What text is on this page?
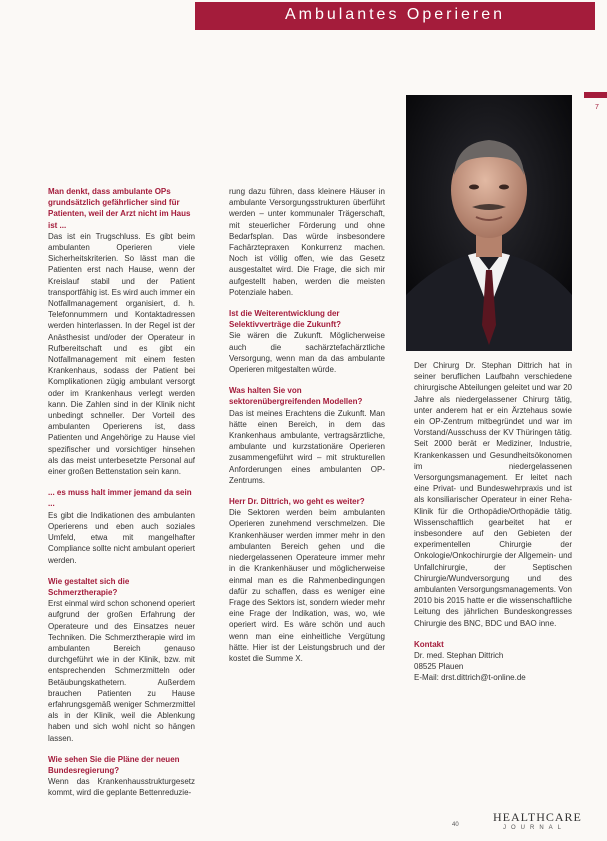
Ambulantes Operieren
7

Man denkt, dass ambulante OPs grundsätzlich gefährlicher sind für Patienten, weil der Arzt nicht im Haus ist ...

Das ist ein Trugschluss. Es gibt beim ambulanten Operieren viele Sicherheitskriterien. So lässt man die Patienten erst nach Hause, wenn der Kreislauf stabil und der Patient transportfähig ist. Es wird auch immer ein Notfallmanagement organisiert, d. h. Telefonnummern und Kontaktadressen werden hinterlassen. In der Regel ist der Anästhesist und/oder der Operateur in Rufbereitschaft und es gibt ein Notfallmanagement mit einem festen Krankenhaus, sodass der Patient bei Komplikationen zügig ambulant versorgt oder im Krankenhaus verlegt werden kann. Die Zahlen sind in der Klinik nicht unbedingt schneller. Der Vorteil des ambulanten Operierens ist, dass Patienten und Angehörige zu Hause viel spezifischer und vorsichtiger hinsehen als das meist unterbesetzte Personal auf einer großen Bettenstation sein kann.

... es muss halt immer jemand da sein ...

Es gibt die Indikationen des ambulanten Operierens und eben auch soziales Umfeld, etwa mit mangelhafter Compliance sollte nicht ambulant operiert werden.

Wie gestaltet sich die Schmerztherapie?

Erst einmal wird schon schonend operiert aufgrund der großen Erfahrung der Operateure und des Einsatzes neuer Techniken. Die Schmerztherapie wird im ambulanten Bereich genauso durchgeführt wie in der Klinik, bzw. mit entsprechenden Schmerzmitteln oder Betäubungskathetern. Außerdem brauchen Patienten zu Hause erfahrungsgemäß weniger Schmerzmittel als in der Klinik, weil die Ablenkung haben und sich wohl nicht so hängen lassen.

Wie sehen Sie die Pläne der neuen Bundesregierung?

Wenn das Krankenhausstrukturgesetz kommt, wird die geplante Bettenreduzie-

rung dazu führen, dass kleinere Häuser in ambulante Versorgungsstrukturen überführt werden – unter kommunaler Trägerschaft, mit steuerlicher Förderung und ohne Bedarfsplan. Das würde insbesondere Fachärztepraxen Konkurrenz machen. Noch ist völlig offen, wie das Gesetz ausgestaltet wird. Die Frage, die sich mir aufgestellt haben, werden die meisten Potenziale haben.

Ist die Weiterentwicklung der Selektivverträge die Zukunft?

Sie wären die Zukunft. Möglicherweise auch die sachärztefachärztliche Versorgung, wenn man da das ambulante Operieren mitgestalten würde.

Was halten Sie von sektorenübergreifenden Modellen?

Das ist meines Erachtens die Zukunft. Man hätte einen Bereich, in dem das Krankenhaus ambulante, vertragsärztliche, ambulante und kurzstationäre Operieren zusammengeführt wird – mit strukturellen Anforderungen eines ambulanten OP-Zentrums.

Herr Dr. Dittrich, wo geht es weiter?

Die Sektoren werden beim ambulanten Operieren zunehmend verschmelzen. Die Krankenhäuser werden immer mehr in den ambulanten Bereich gehen und die niedergelassenen Operateure immer mehr in die Krankenhäuser und möglicherweise einmal man es die Rahmenbedingungen dafür zu schaffen, dass es weniger eine Frage des Sektors ist, sondern wieder mehr eine Frage der Indikation, was, wo, wie operiert wird. Es wäre schön und auch wenn man eine einheitliche Vergütung hätte. Hier ist der Leistungsbruch und der kostet die Summe X.

Der Chirurg Dr. Stephan Dittrich hat in seiner beruflichen Laufbahn verschiedene chirurgische Abteilungen geleitet und war 20 Jahre als niedergelassener Chirurg tätig, unter anderem hat er ein Ärztehaus sowie ein OP-Zentrum mitbegründet und war im Vorstand/Ausschuss der KV Thüringen tätig. Seit 2000 berät er Mediziner, Industrie, Krankenkassen und Gesundheitsökonomen im niedergelassenen Versorgungsmanagement. Er leitet nach eine Privat- und Bundeswehrpraxis und ist als konsiliarischer Operateur in einer Reha-Klinik für die Orthopädie/Orthopädie tätig. Wissenschaftlich gearbeitet hat er insbesondere auf den Gebieten der experimentellen Chirurgie der Onkologie/Onkochirurgie der Allgemein- und Unfallchirurgie, der Septischen Chirurgie/Wundversorgung und des ambulanten Versorgungsmanagements. Von 2010 bis 2015 hatte er die wissenschaftliche Leitung des jährlichen Bundeskongresses Chirurgie des BNC, BDC und BAO inne.

Kontakt

Dr. med. Stephan Dittrich

08525 Plauen

E-Mail: drst.dittrich@t-online.de

40
HEALTHCARE
JOURNAL
